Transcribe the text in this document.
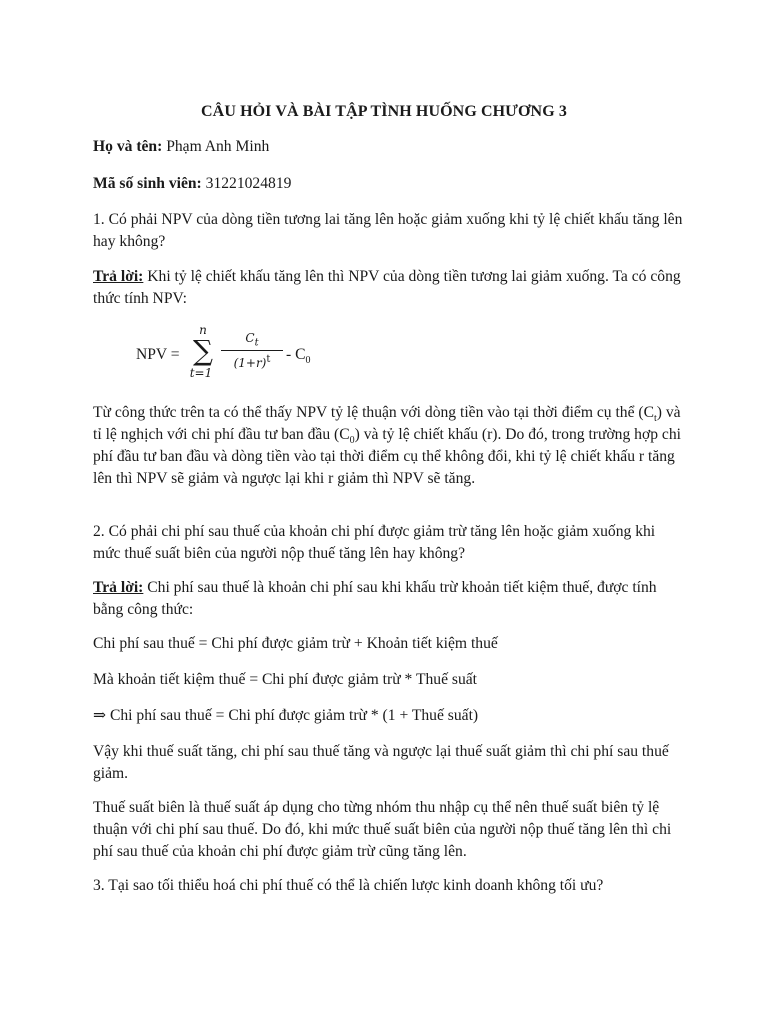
CÂU HỎI VÀ BÀI TẬP TÌNH HUỐNG CHƯƠNG 3
Họ và tên: Phạm Anh Minh
Mã số sinh viên: 31221024819
1. Có phải NPV của dòng tiền tương lai tăng lên hoặc giảm xuống khi tỷ lệ chiết khấu tăng lên hay không?
Trả lời: Khi tỷ lệ chiết khấu tăng lên thì NPV của dòng tiền tương lai giảm xuống. Ta có công thức tính NPV:
NPV =
n
∑
t=1
$C_t$
$(1+r)^t - C_0$
Từ công thức trên ta có thể thấy NPV tỷ lệ thuận với dòng tiền vào tại thời điểm cụ thể $(C_t)$ và tỉ lệ nghịch với chi phí đầu tư ban đầu $(C_0)$ và tỷ lệ chiết khấu (r). Do đó, trong trường hợp chi phí đầu tư ban đầu và dòng tiền vào tại thời điểm cụ thể không đổi, khi tỷ lệ chiết khấu r tăng lên thì NPV sẽ giảm và ngược lại khi r giảm thì NPV sẽ tăng.
2. Có phải chi phí sau thuế của khoản chi phí được giảm trừ tăng lên hoặc giảm xuống khi mức thuế suất biên của người nộp thuế tăng lên hay không?
Trả lời: Chi phí sau thuế là khoản chi phí sau khi khấu trừ khoản tiết kiệm thuế, được tính bằng công thức:
Chi phí sau thuế = Chi phí được giảm trừ + Khoản tiết kiệm thuế
Mà khoản tiết kiệm thuế = Chi phí được giảm trừ * Thuế suất
⇒ Chi phí sau thuế = Chi phí được giảm trừ * (1 + Thuế suất)
Vậy khi thuế suất tăng, chi phí sau thuế tăng và ngược lại thuế suất giảm thì chi phí sau thuế giảm.
Thuế suất biên là thuế suất áp dụng cho từng nhóm thu nhập cụ thể nên thuế suất biên tỷ lệ thuận với chi phí sau thuế. Do đó, khi mức thuế suất biên của người nộp thuế tăng lên thì chi phí sau thuế của khoản chi phí được giảm trừ cũng tăng lên.
3. Tại sao tối thiểu hoá chi phí thuế có thể là chiến lược kinh doanh không tối ưu?
